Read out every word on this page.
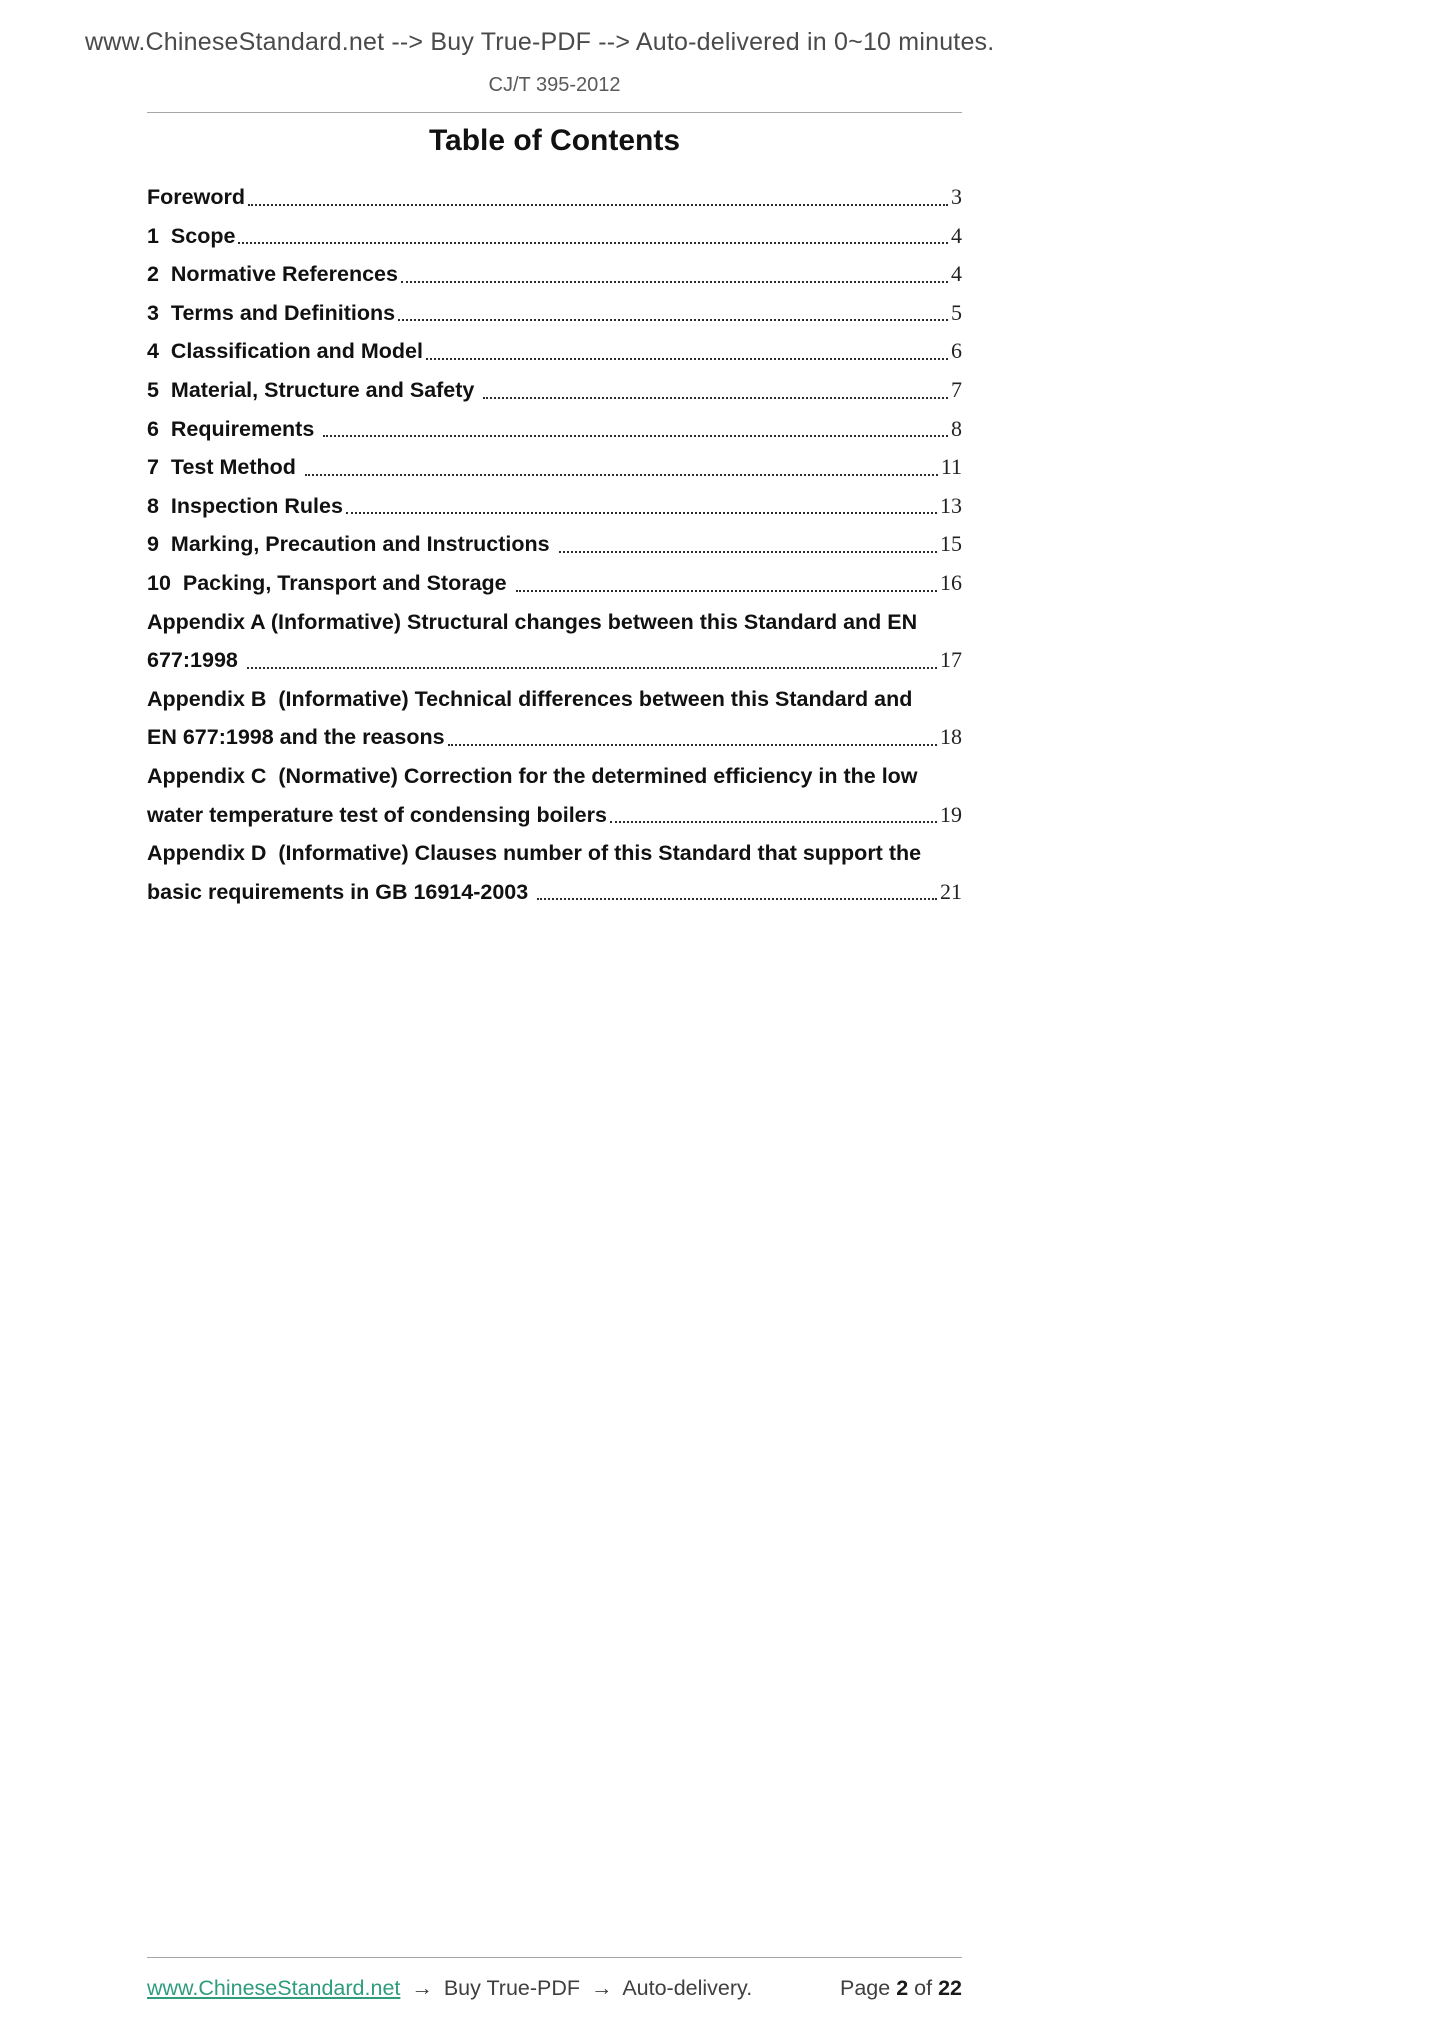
www.ChineseStandard.net --> Buy True-PDF --> Auto-delivered in 0~10 minutes.
CJ/T 395-2012
Table of Contents
Foreword	3
1  Scope	4
2  Normative References	4
3  Terms and Definitions	5
4  Classification and Model	6
5  Material, Structure and Safety	7
6  Requirements	8
7  Test Method	11
8  Inspection Rules	13
9  Marking, Precaution and Instructions	15
10  Packing, Transport and Storage	16
Appendix A (Informative) Structural changes between this Standard and EN
677:1998	17
Appendix B  (Informative) Technical differences between this Standard and
EN 677:1998 and the reasons	18
Appendix C  (Normative) Correction for the determined efficiency in the low
water temperature test of condensing boilers	19
Appendix D  (Informative) Clauses number of this Standard that support the
basic requirements in GB 16914-2003	21
www.ChineseStandard.net → Buy True-PDF → Auto-delivery.	Page 2 of 22
